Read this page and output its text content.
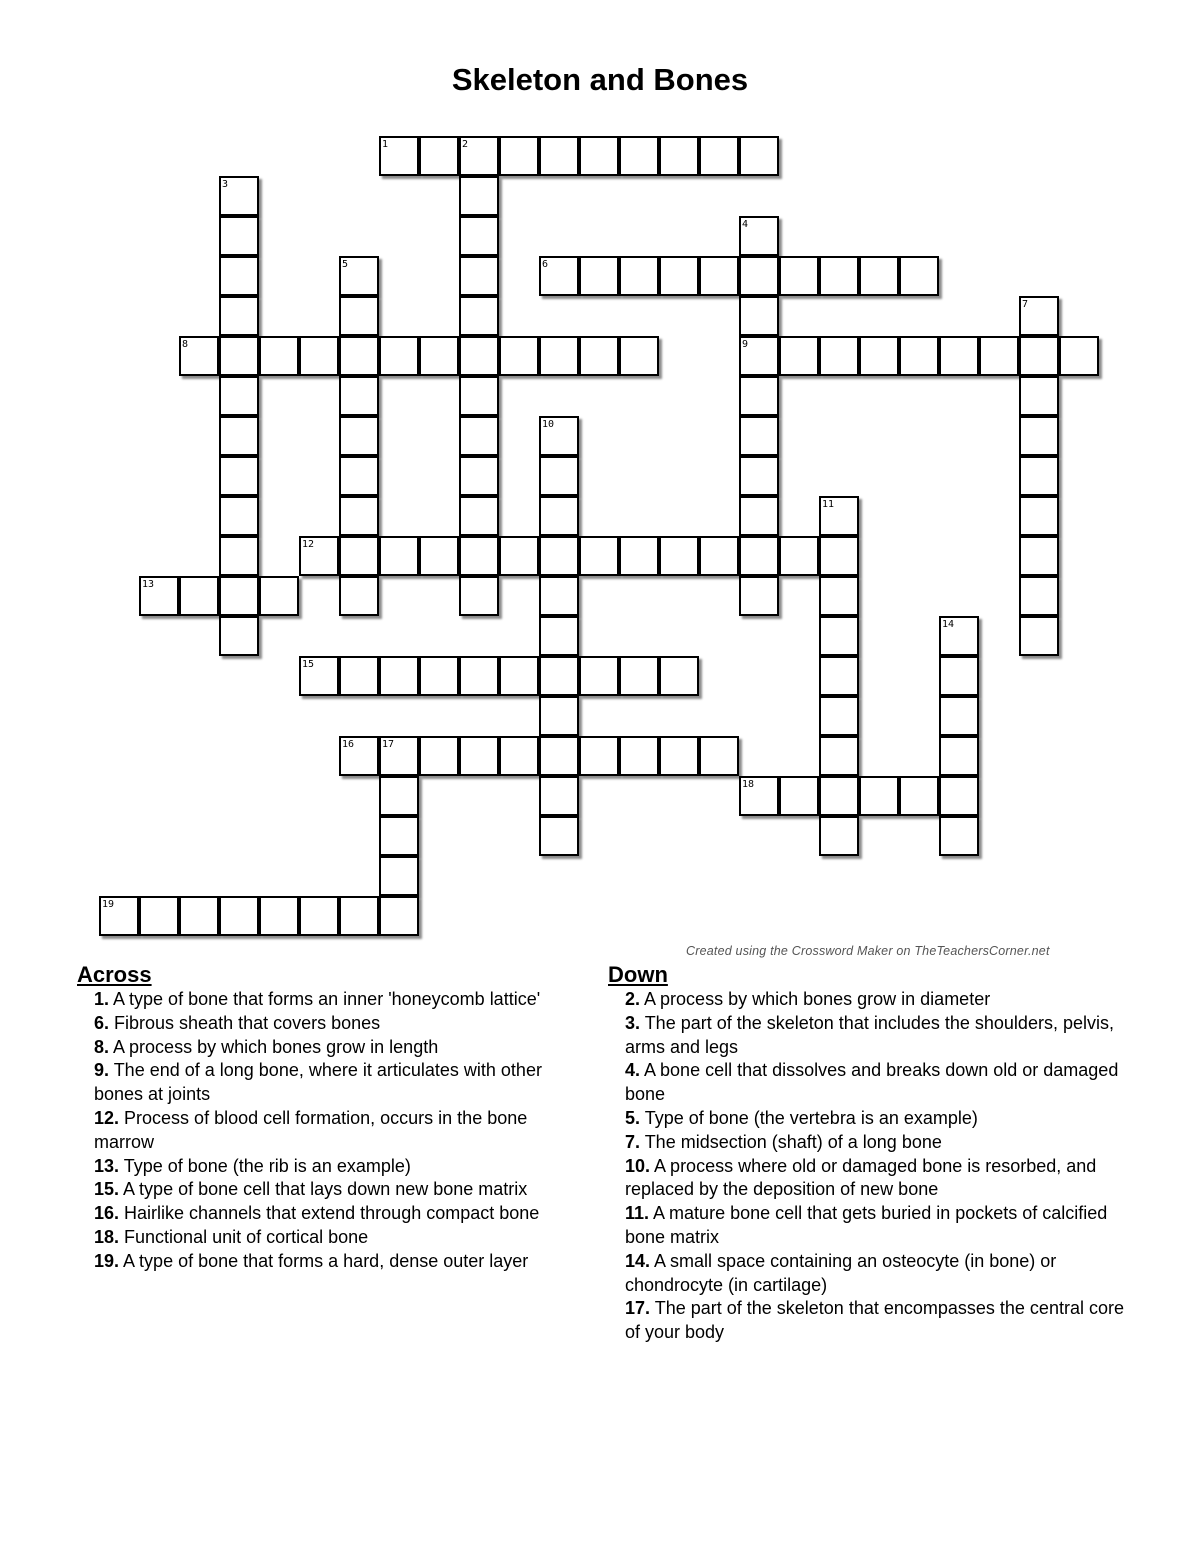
Skeleton and Bones
1	2
3
4
5	6
7
8	9
10
11
12
13
14
15
16	17
18
19
Created using the Crossword Maker on TheTeachersCorner.net
Across
1. A type of bone that forms an inner 'honeycomb lattice'
6. Fibrous sheath that covers bones
8. A process by which bones grow in length
9. The end of a long bone, where it articulates with other bones at joints
12. Process of blood cell formation, occurs in the bone marrow
13. Type of bone (the rib is an example)
15. A type of bone cell that lays down new bone matrix
16. Hairlike channels that extend through compact bone
18. Functional unit of cortical bone
19. A type of bone that forms a hard, dense outer layer
Down
2. A process by which bones grow in diameter
3. The part of the skeleton that includes the shoulders, pelvis, arms and legs
4. A bone cell that dissolves and breaks down old or damaged bone
5. Type of bone (the vertebra is an example)
7. The midsection (shaft) of a long bone
10. A process where old or damaged bone is resorbed, and replaced by the deposition of new bone
11. A mature bone cell that gets buried in pockets of calcified bone matrix
14. A small space containing an osteocyte (in bone) or chondrocyte (in cartilage)
17. The part of the skeleton that encompasses the central core of your body
